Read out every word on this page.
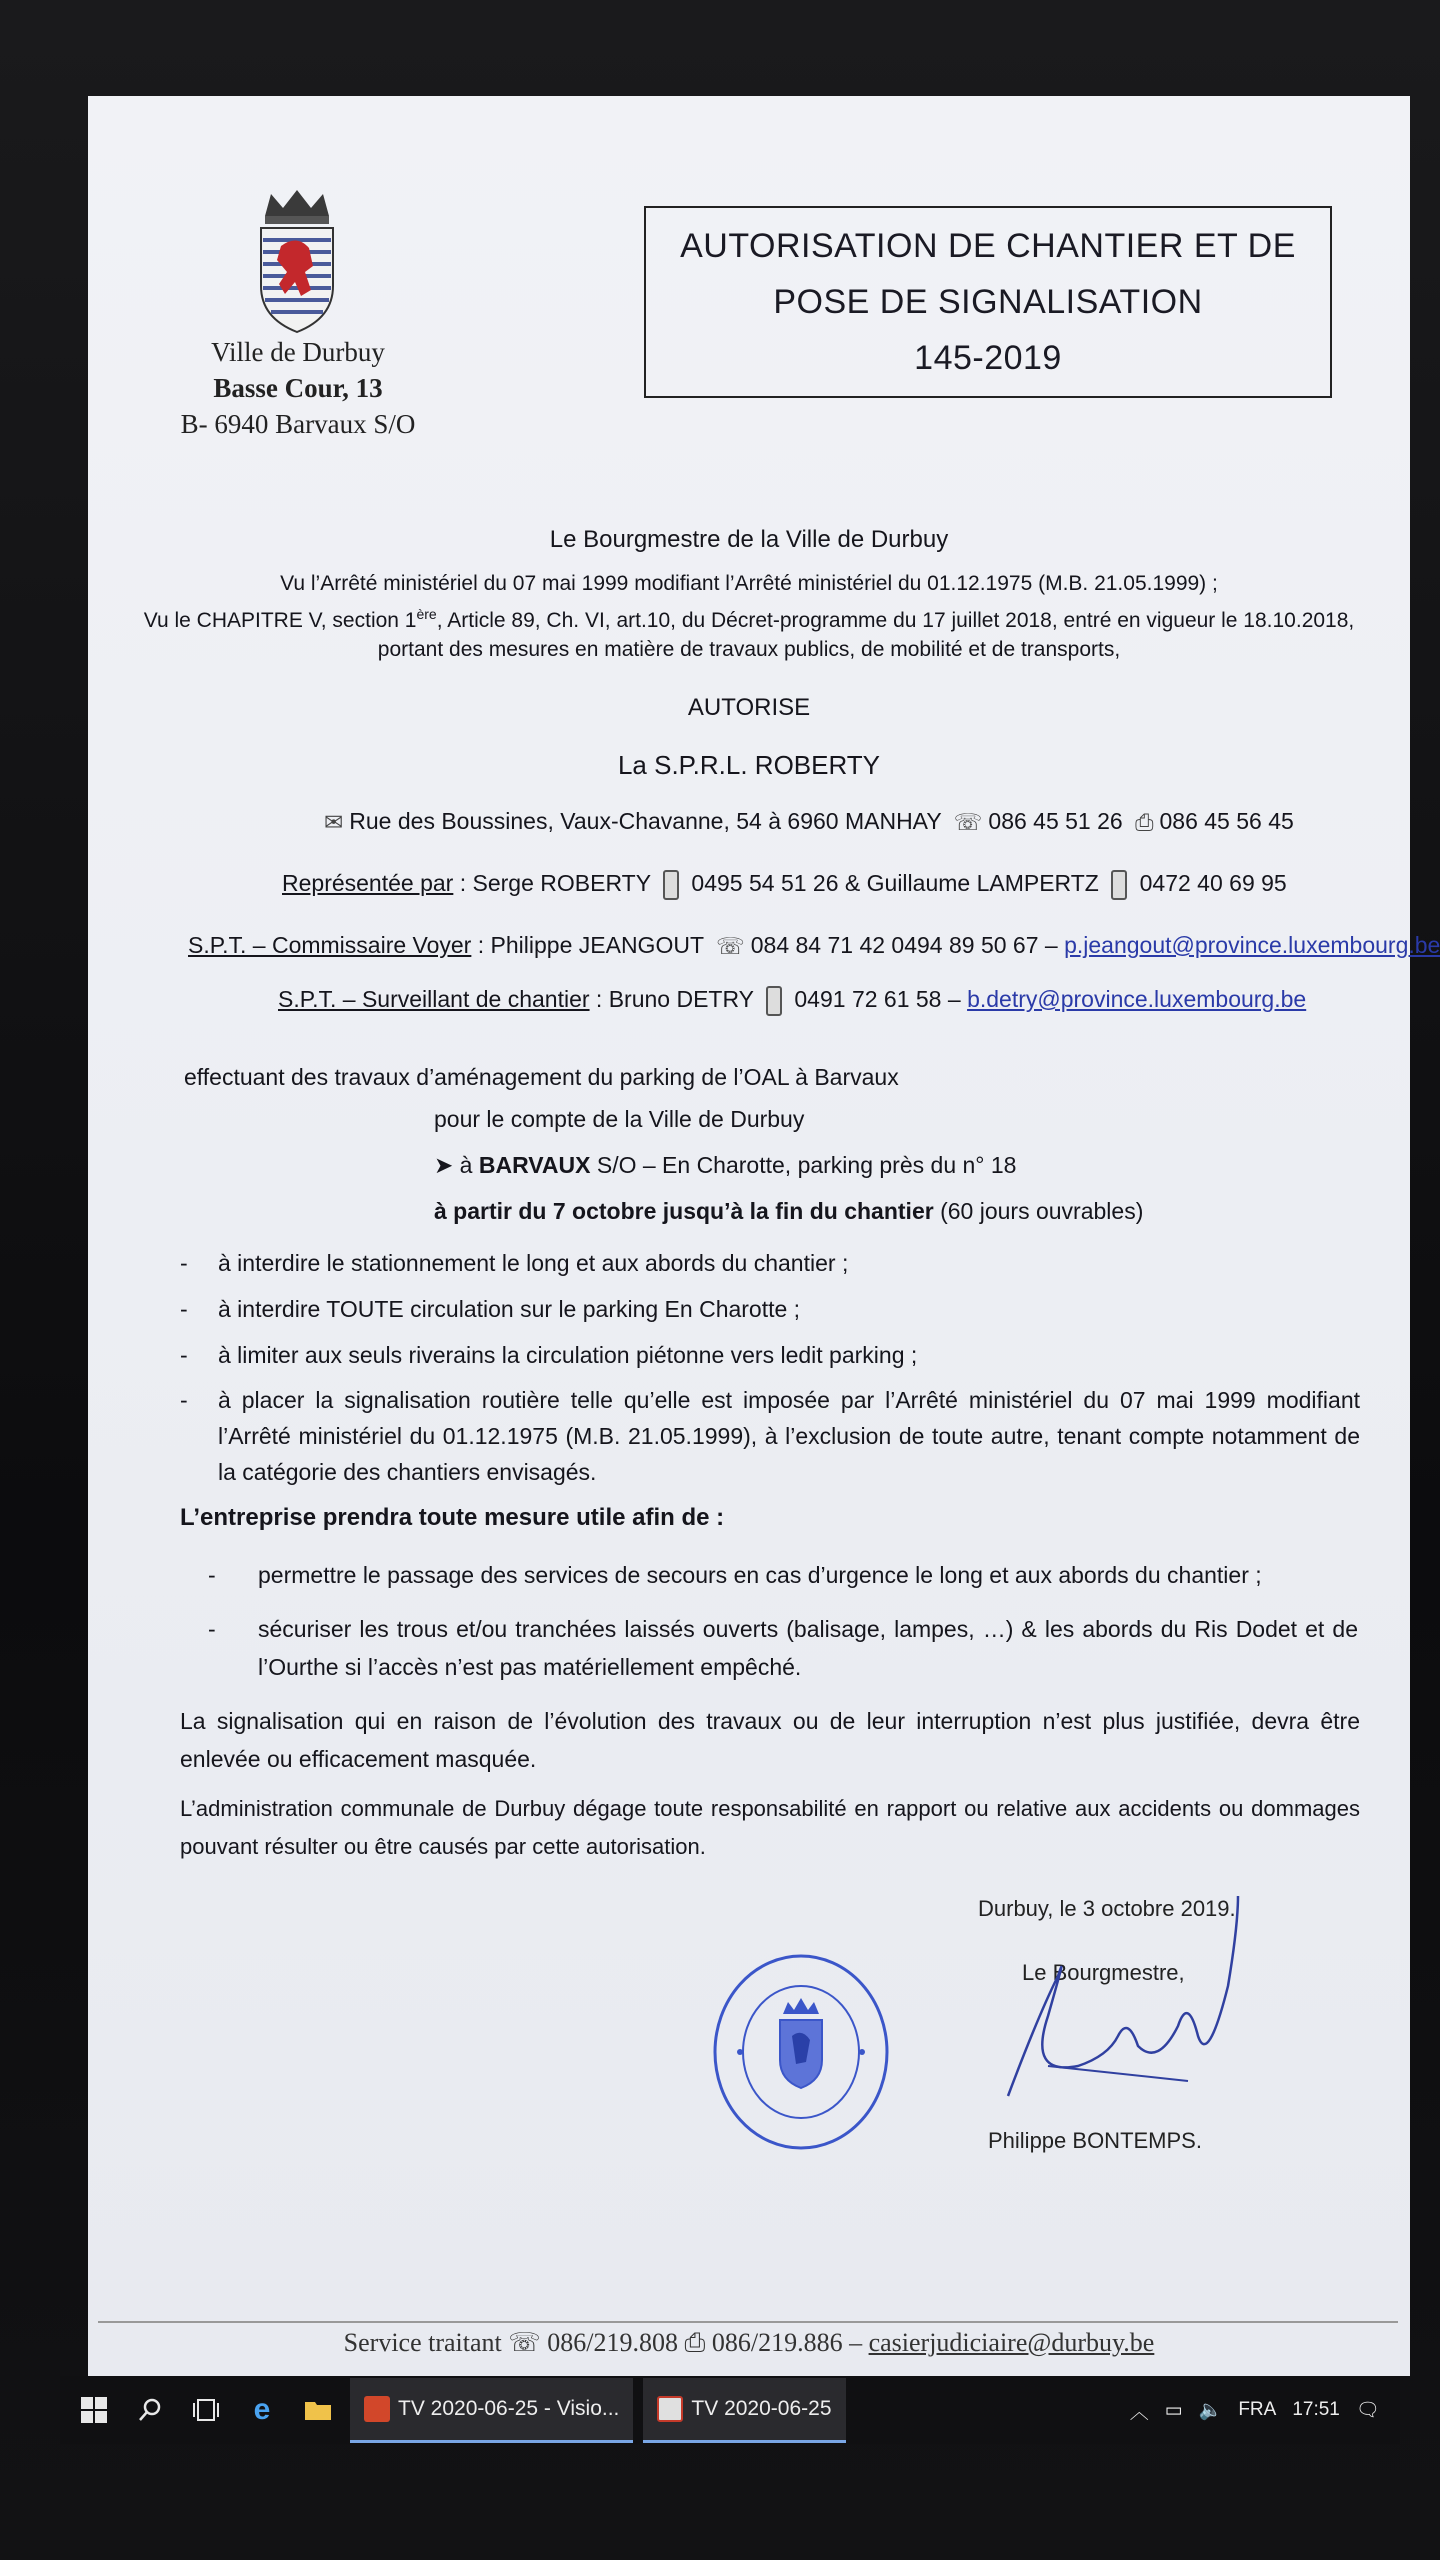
Ville de Durbuy
Basse Cour, 13
B- 6940 Barvaux S/O
AUTORISATION DE CHANTIER ET DE
POSE DE SIGNALISATION
145-2019
Le Bourgmestre de la Ville de Durbuy
Vu l’Arrêté ministériel du 07 mai 1999 modifiant l’Arrêté ministériel du 01.12.1975 (M.B. 21.05.1999) ;
Vu le CHAPITRE V, section 1ère, Article 89, Ch. VI, art.10, du Décret-programme du 17 juillet 2018, entré en vigueur le 18.10.2018,
portant des mesures en matière de travaux publics, de mobilité et de transports,
AUTORISE
La S.P.R.L. ROBERTY
✉ Rue des Boussines, Vaux-Chavanne, 54 à 6960 MANHAY ☏ 086 45 51 26 ⎙ 086 45 56 45
Représentée par : Serge ROBERTY 0495 54 51 26 & Guillaume LAMPERTZ 0472 40 69 95
S.P.T. – Commissaire Voyer : Philippe JEANGOUT ☏ 084 84 71 42 0494 89 50 67 – p.jeangout@province.luxembourg.be
S.P.T. – Surveillant de chantier : Bruno DETRY 0491 72 61 58 – b.detry@province.luxembourg.be
effectuant des travaux d’aménagement du parking de l’OAL à Barvaux
pour le compte de la Ville de Durbuy
➤ à BARVAUX S/O – En Charotte, parking près du n° 18
à partir du 7 octobre jusqu’à la fin du chantier (60 jours ouvrables)
- à interdire le stationnement le long et aux abords du chantier ;
- à interdire TOUTE circulation sur le parking En Charotte ;
- à limiter aux seuls riverains la circulation piétonne vers ledit parking ;
- à placer la signalisation routière telle qu’elle est imposée par l’Arrêté ministériel du 07 mai 1999 modifiant l’Arrêté ministériel du 01.12.1975 (M.B. 21.05.1999), à l’exclusion de toute autre, tenant compte notamment de la catégorie des chantiers envisagés.
L’entreprise prendra toute mesure utile afin de :
- permettre le passage des services de secours en cas d’urgence le long et aux abords du chantier ;
- sécuriser les trous et/ou tranchées laissés ouverts (balisage, lampes, …) & les abords du Ris Dodet et de l’Ourthe si l’accès n’est pas matériellement empêché.
La signalisation qui en raison de l’évolution des travaux ou de leur interruption n’est plus justifiée, devra être enlevée ou efficacement masquée.
L’administration communale de Durbuy dégage toute responsabilité en rapport ou relative aux accidents ou dommages pouvant résulter ou être causés par cette autorisation.
Durbuy, le 3 octobre 2019.
Le Bourgmestre,
Philippe BONTEMPS.
Service traitant ☏ 086/219.808 ⎙ 086/219.886 – casierjudiciaire@durbuy.be
e	TV 2020-06-25 - Visio...	TV 2020-06-25	︿ ▭ 🔈 FRA 17:51 🗨
